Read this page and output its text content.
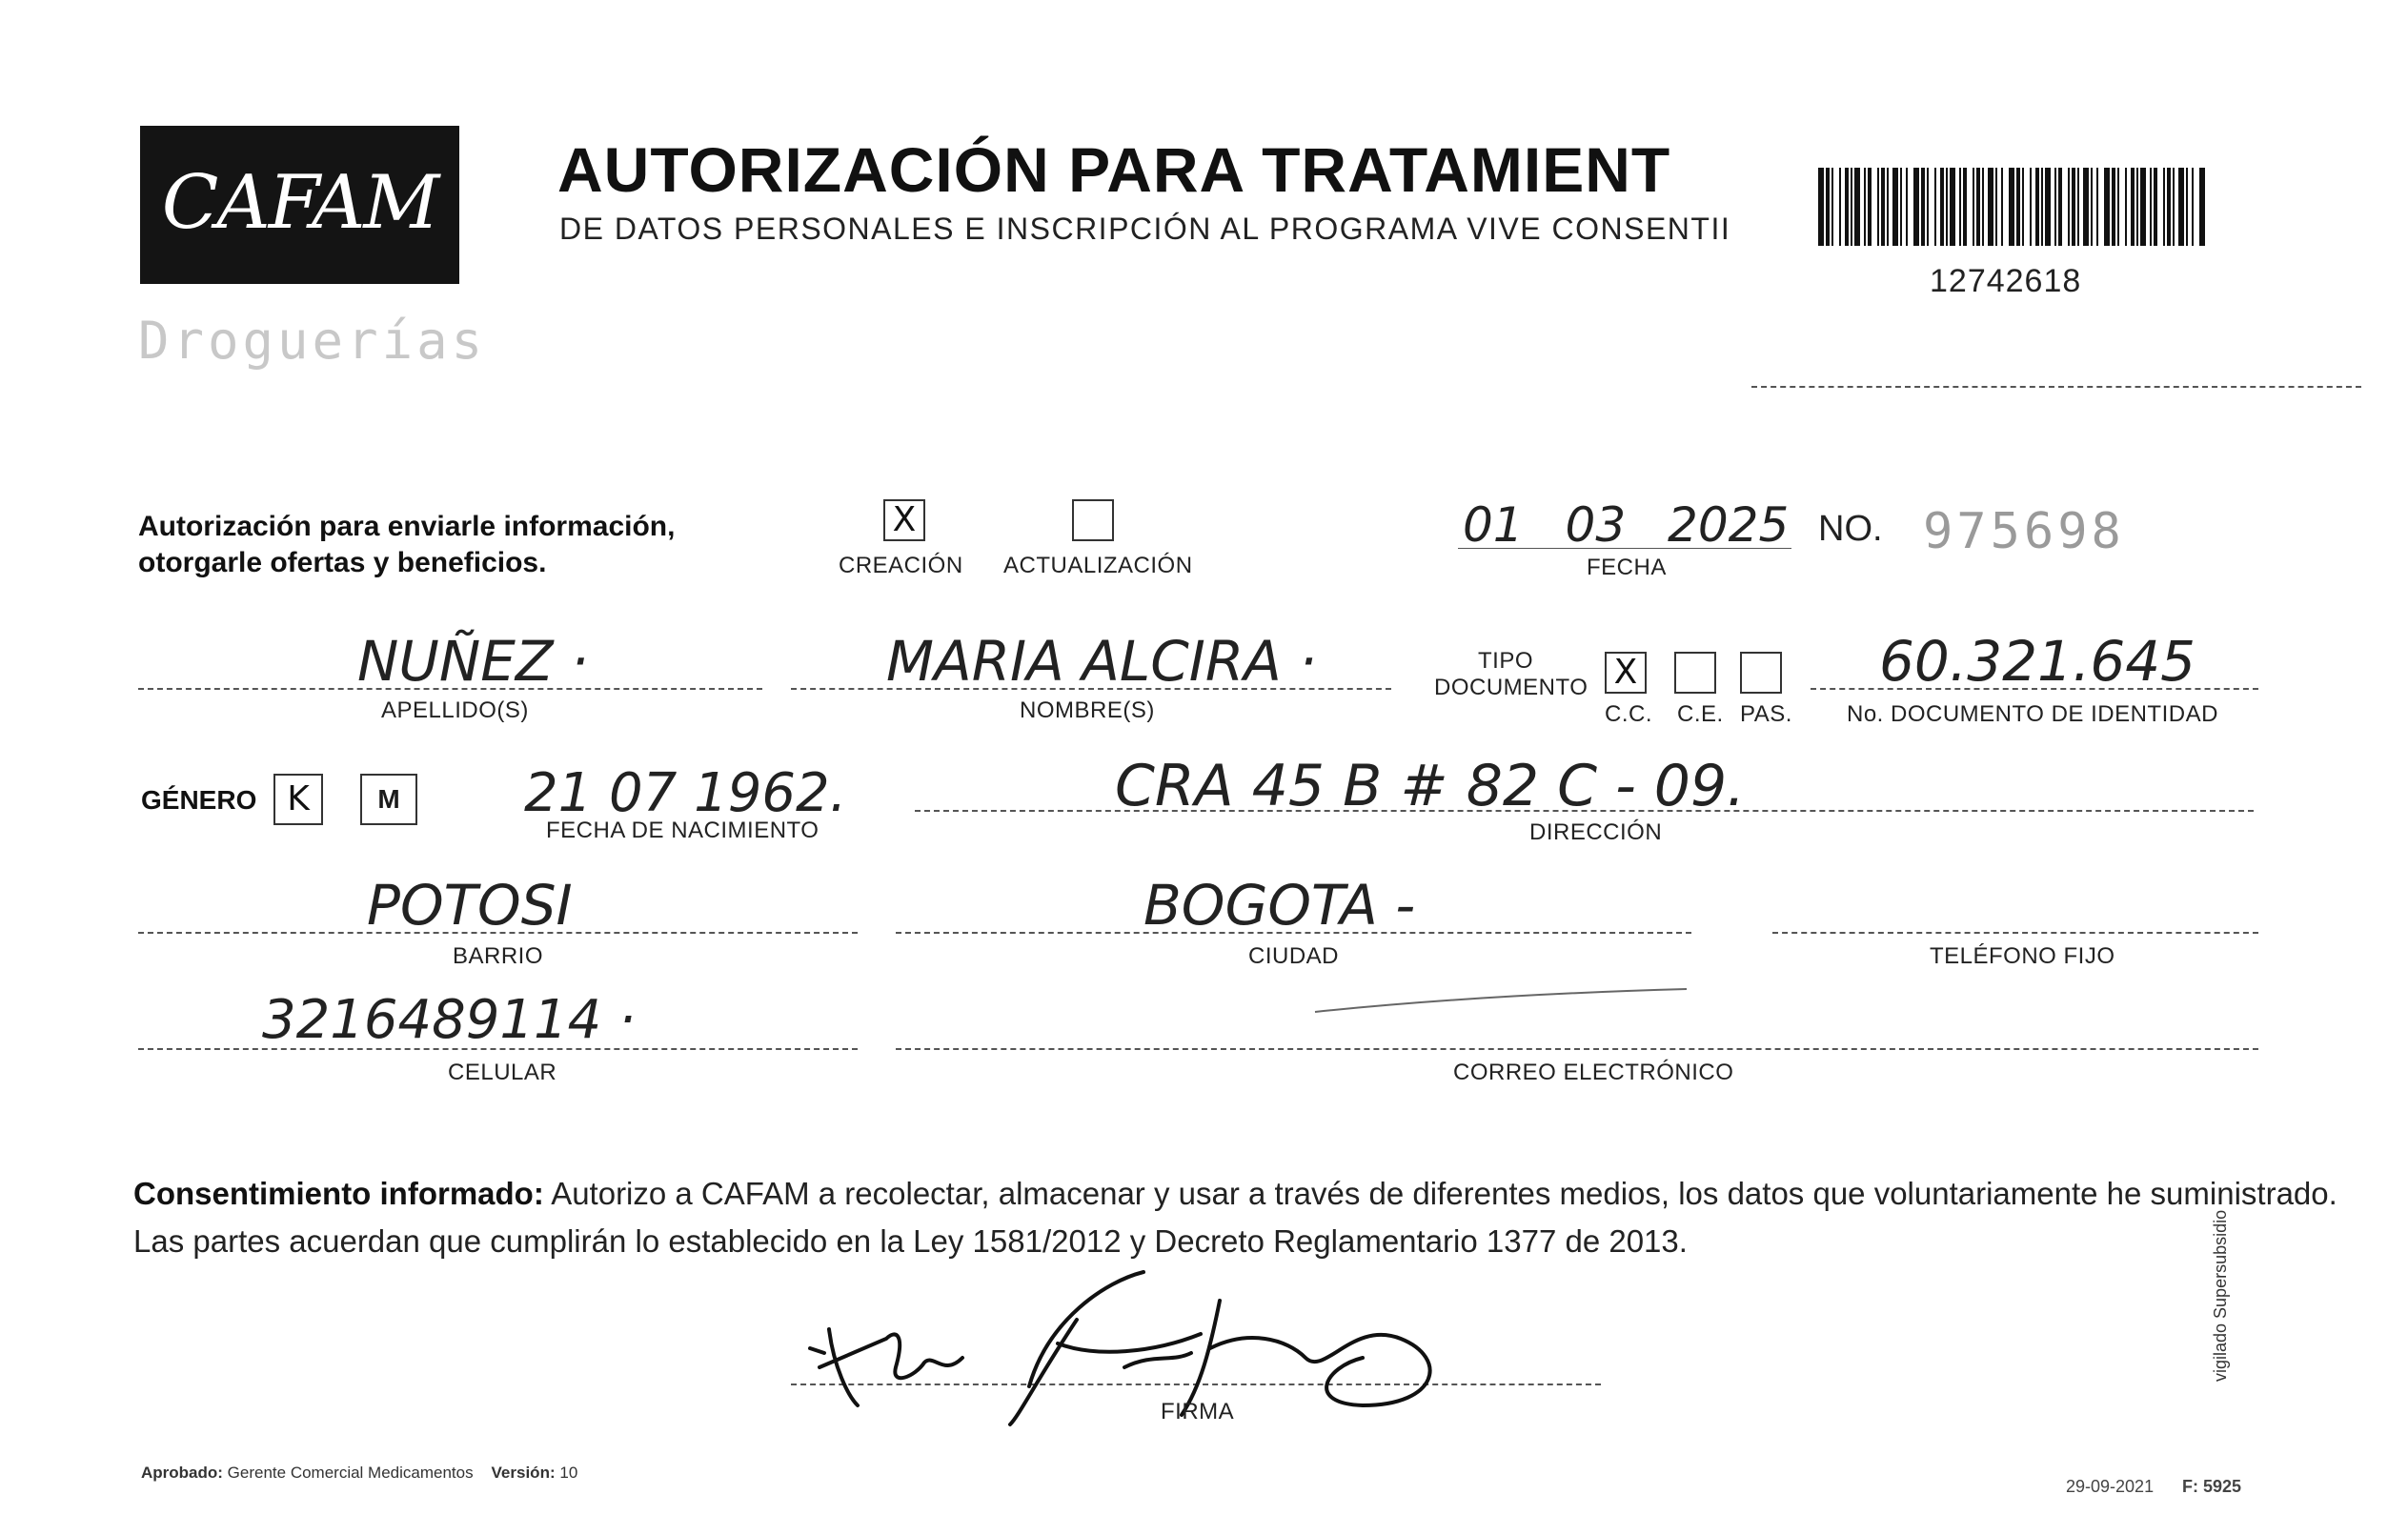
CAFAM
Droguerías
AUTORIZACIÓN PARA TRATAMIENT
DE DATOS PERSONALES E INSCRIPCIÓN AL PROGRAMA VIVE CONSENTII
12742618
Autorización para enviarle información,
otorgarle ofertas y beneficios.
X
CREACIÓN ACTUALIZACIÓN
01 03 2025
FECHA
NO. 975698
NUÑEZ ·
APELLIDO(S)
MARIA ALCIRA ·
NOMBRE(S)
TIPO DOCUMENTO X
C.C. C.E. PAS.
60.321.645
No. DOCUMENTO DE IDENTIDAD
GÉNERO K	M	21 07 1962.
FECHA DE NACIMIENTO
CRA 45 B # 82 C - 09.
DIRECCIÓN
POTOSI
BARRIO
BOGOTA -
CIUDAD	TELÉFONO FIJO
3216489114 ·
CELULAR	CORREO ELECTRÓNICO
Consentimiento informado: Autorizo a CAFAM a recolectar, almacenar y usar a través de diferentes medios, los datos que voluntariamente he suministrado.
Las partes acuerdan que cumplirán lo establecido en la Ley 1581/2012 y Decreto Reglamentario 1377 de 2013.
FIRMA
Aprobado: Gerente Comercial Medicamentos Versión: 10
29-09-2021 F: 5925
vigilado Supersubsidio
